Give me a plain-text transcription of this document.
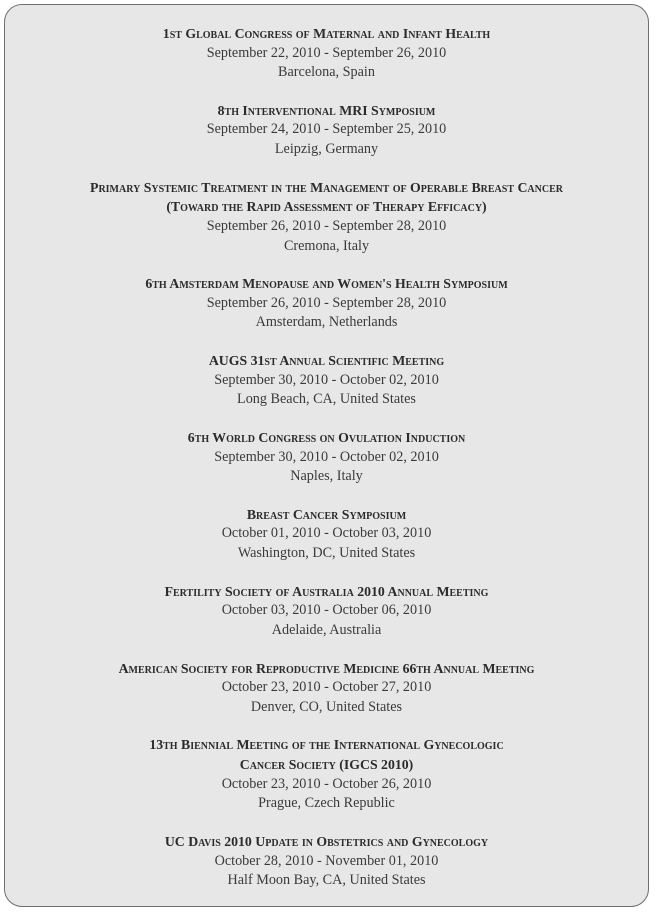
1st Global Congress of Maternal and Infant Health
September 22, 2010 - September 26, 2010
Barcelona, Spain
8th Interventional MRI Symposium
September 24, 2010 - September 25, 2010
Leipzig, Germany
Primary Systemic Treatment in the Management of Operable Breast Cancer
(Toward the Rapid Assessment of Therapy Efficacy)
September 26, 2010 - September 28, 2010
Cremona, Italy
6th Amsterdam Menopause and Women's Health Symposium
September 26, 2010 - September 28, 2010
Amsterdam, Netherlands
AUGS 31st Annual Scientific Meeting
September 30, 2010 - October 02, 2010
Long Beach, CA, United States
6th World Congress on Ovulation Induction
September 30, 2010 - October 02, 2010
Naples, Italy
Breast Cancer Symposium
October 01, 2010 - October 03, 2010
Washington, DC, United States
Fertility Society of Australia 2010 Annual Meeting
October 03, 2010 - October 06, 2010
Adelaide, Australia
American Society for Reproductive Medicine 66th Annual Meeting
October 23, 2010 - October 27, 2010
Denver, CO, United States
13th Biennial Meeting of the International Gynecologic
Cancer Society (IGCS 2010)
October 23, 2010 - October 26, 2010
Prague, Czech Republic
UC Davis 2010 Update in Obstetrics and Gynecology
October 28, 2010 - November 01, 2010
Half Moon Bay, CA, United States
